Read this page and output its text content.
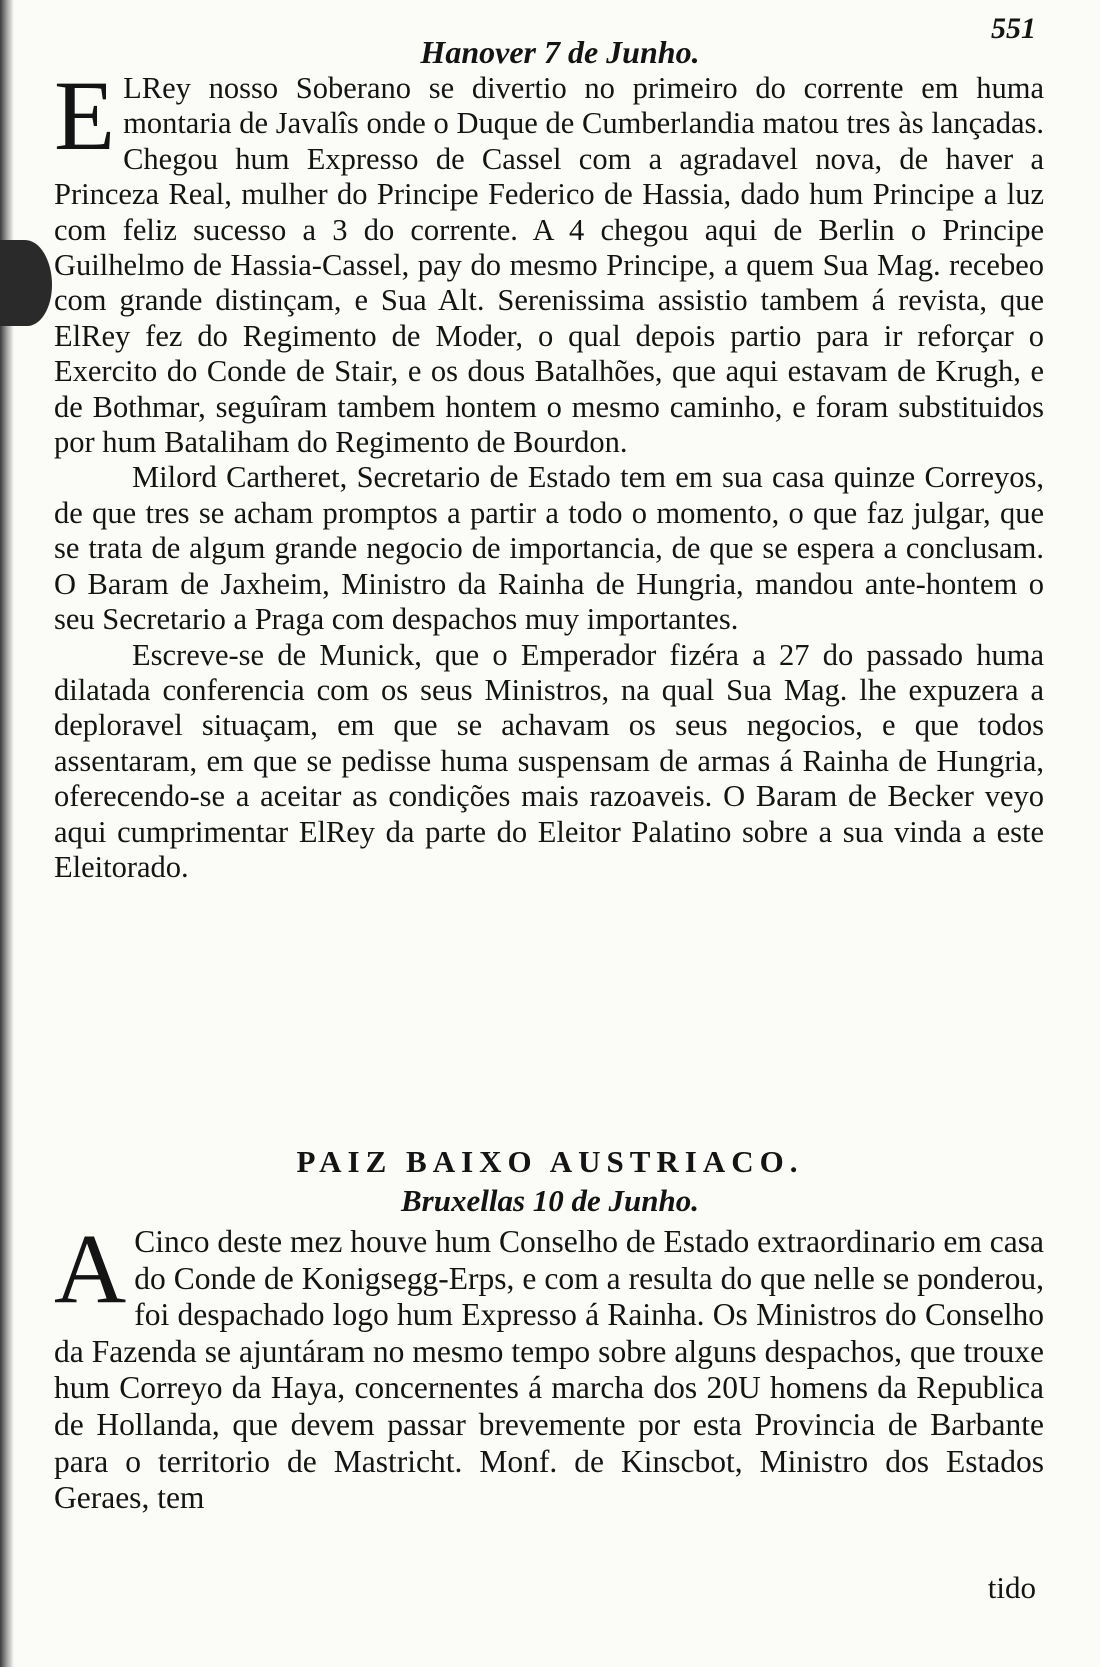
551

Hanover 7 de Junho.

E LRey nosso Soberano se divertio no primeiro do corrente em huma montaria de Javalîs onde o Duque de Cumberlandia matou tres às lançadas. Chegou hum Expresso de Cassel com a agradavel nova, de haver a Princeza Real, mulher do Principe Federico de Hassia, dado hum Principe a luz com feliz sucesso a 3 do corrente. A 4 chegou aqui de Berlin o Principe Guilhelmo de Hassia-Cassel, pay do mesmo Principe, a quem Sua Mag. recebeo com grande distinçam, e Sua Alt. Serenissima assistio tambem á revista, que ElRey fez do Regimento de Moder, o qual depois partio para ir reforçar o Exercito do Conde de Stair, e os dous Batalhões, que aqui estavam de Krugh, e de Bothmar, seguîram tambem hontem o mesmo caminho, e foram substituidos por hum Bataliham do Regimento de Bourdon.

Milord Cartheret, Secretario de Estado tem em sua casa quinze Correyos, de que tres se acham promptos a partir a todo o momento, o que faz julgar, que se trata de algum grande negocio de importancia, de que se espera a conclusam. O Baram de Jaxheim, Ministro da Rainha de Hungria, mandou ante-hontem o seu Secretario a Praga com despachos muy importantes.

Escreve-se de Munick, que o Emperador fizéra a 27 do passado huma dilatada conferencia com os seus Ministros, na qual Sua Mag. lhe expuzera a deploravel situaçam, em que se achavam os seus negocios, e que todos assentaram, em que se pedisse huma suspensam de armas á Rainha de Hungria, oferecendo-se a aceitar as condições mais razoaveis. O Baram de Becker veyo aqui cumprimentar ElRey da parte do Eleitor Palatino sobre a sua vinda a este Eleitorado.

PAIZ BAIXO AUSTRIACO.
Bruxellas 10 de Junho.

A Cinco deste mez houve hum Conselho de Estado extraordinario em casa do Conde de Konigsegg-Erps, e com a resulta do que nelle se ponderou, foi despachado logo hum Expresso á Rainha. Os Ministros do Conselho da Fazenda se ajuntáram no mesmo tempo sobre alguns despachos, que trouxe hum Correyo da Haya, concernentes á marcha dos 20U homens da Republica de Hollanda, que devem passar brevemente por esta Provincia de Barbante para o territorio de Mastricht. Monf. de Kinscbot, Ministro dos Estados Geraes, tem

tido
